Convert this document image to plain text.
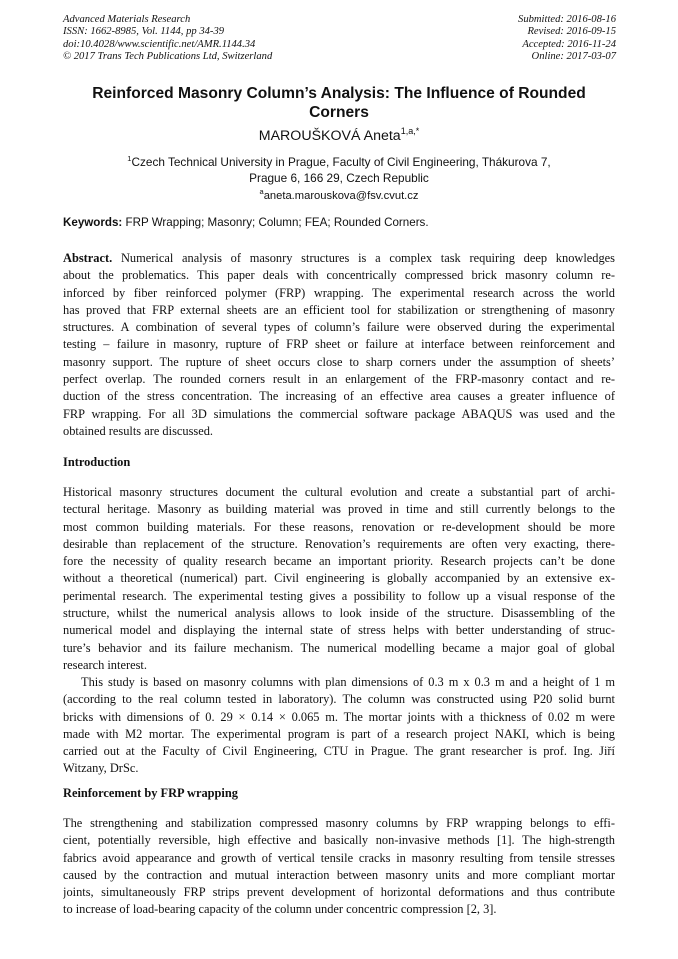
Advanced Materials Research
ISSN: 1662-8985, Vol. 1144, pp 34-39
doi:10.4028/www.scientific.net/AMR.1144.34
© 2017 Trans Tech Publications Ltd, Switzerland
Submitted: 2016-08-16
Revised: 2016-09-15
Accepted: 2016-11-24
Online: 2017-03-07
Reinforced Masonry Column’s Analysis: The Influence of Rounded
Corners
MAROUŠKOVÁ Aneta$^{1,a,*}$
$^1$Czech Technical University in Prague, Faculty of Civil Engineering, Thákurova 7,
Prague 6, 166 29, Czech Republic
$^a$aneta.marouskova@fsv.cvut.cz
Keywords: FRP Wrapping; Masonry; Column; FEA; Rounded Corners.
Abstract. Numerical analysis of masonry structures is a complex task requiring deep knowledges
about the problematics. This paper deals with concentrically compressed brick masonry column re-
inforced by fiber reinforced polymer (FRP) wrapping. The experimental research across the world
has proved that FRP external sheets are an efficient tool for stabilization or strengthening of masonry
structures. A combination of several types of column’s failure were observed during the experimental
testing – failure in masonry, rupture of FRP sheet or failure at interface between reinforcement and
masonry support. The rupture of sheet occurs close to sharp corners under the assumption of sheets’
perfect overlap. The rounded corners result in an enlargement of the FRP-masonry contact and re-
duction of the stress concentration. The increasing of an effective area causes a greater influence of
FRP wrapping. For all 3D simulations the commercial software package ABAQUS was used and the
obtained results are discussed.
Introduction
Historical masonry structures document the cultural evolution and create a substantial part of archi-
tectural heritage. Masonry as building material was proved in time and still currently belongs to the
most common building materials. For these reasons, renovation or re-development should be more
desirable than replacement of the structure. Renovation’s requirements are often very exacting, there-
fore the necessity of quality research became an important priority. Research projects can’t be done
without a theoretical (numerical) part. Civil engineering is globally accompanied by an extensive ex-
perimental research. The experimental testing gives a possibility to follow up a visual response of the
structure, whilst the numerical analysis allows to look inside of the structure. Disassembling of the
numerical model and displaying the internal state of stress helps with better understanding of struc-
ture’s behavior and its failure mechanism. The numerical modelling became a major goal of global
research interest.
This study is based on masonry columns with plan dimensions of 0.3 m x 0.3 m and a height of 1 m
(according to the real column tested in laboratory). The column was constructed using P20 solid burnt
bricks with dimensions of 0. 29 × 0.14 × 0.065 m. The mortar joints with a thickness of 0.02 m were
made with M2 mortar. The experimental program is part of a research project NAKI, which is being
carried out at the Faculty of Civil Engineering, CTU in Prague. The grant researcher is prof. Ing. Jiří
Witzany, DrSc.
Reinforcement by FRP wrapping
The strengthening and stabilization compressed masonry columns by FRP wrapping belongs to effi-
cient, potentially reversible, high effective and basically non-invasive methods [1]. The high-strength
fabrics avoid appearance and growth of vertical tensile cracks in masonry resulting from tensile stresses
caused by the contraction and mutual interaction between masonry units and more compliant mortar
joints, simultaneously FRP strips prevent development of horizontal deformations and thus contribute
to increase of load-bearing capacity of the column under concentric compression [2, 3].
